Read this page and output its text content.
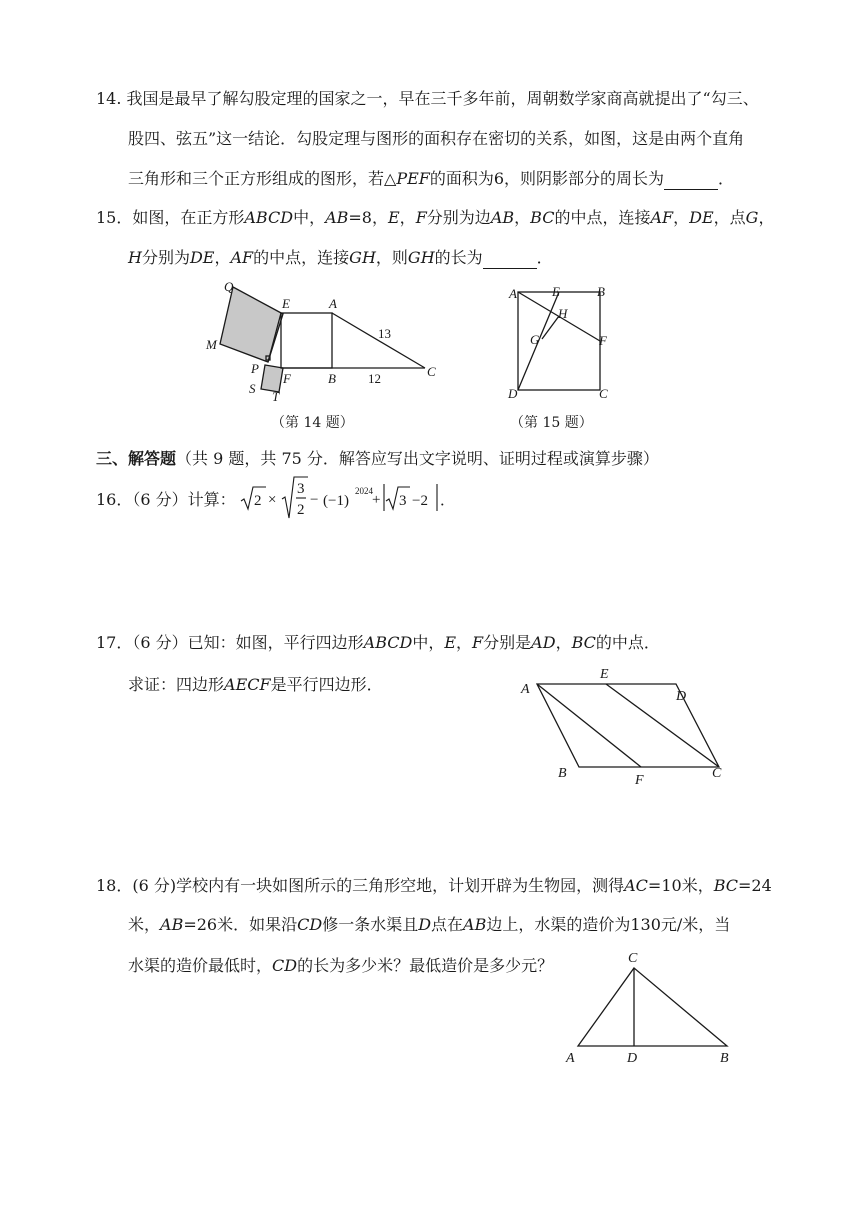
14. 我国是最早了解勾股定理的国家之一，早在三千多年前，周朝数学家商高就提出了“勾三、
股四、弦五”这一结论．勾股定理与图形的面积存在密切的关系，如图，这是由两个直角
三角形和三个正方形组成的图形，若△PEF的面积为6，则阴影部分的周长为	．
15．如图，在正方形ABCD中，AB=8，E，F分别为边AB，BC的中点，连接AF，DE，点G，
H分别为DE，AF的中点，连接GH，则GH的长为	．
Q
E	A
M
P
F	B	C
S
T
13
12
（第 14 题）
A	E	B
H
G	F
D	C
（第 15 题）
三、解答题（共 9 题，共 75 分．解答应写出文字说明、证明过程或演算步骤）
16．（6 分）计算： 2 ×
3
2
− (−1)
2024
+ 3 −2 ．
17．（6 分）已知：如图，平行四边形ABCD中，E，F分别是AD，BC的中点．
求证：四边形AECF是平行四边形．	A
E
D
B	F	C
18．(6 分)学校内有一块如图所示的三角形空地，计划开辟为生物园，测得AC=10米，BC=24
米，AB=26米．如果沿CD修一条水渠且D点在AB边上，水渠的造价为130元/米，当
水渠的造价最低时，CD的长为多少米？最低造价是多少元？	C
A	D	B
